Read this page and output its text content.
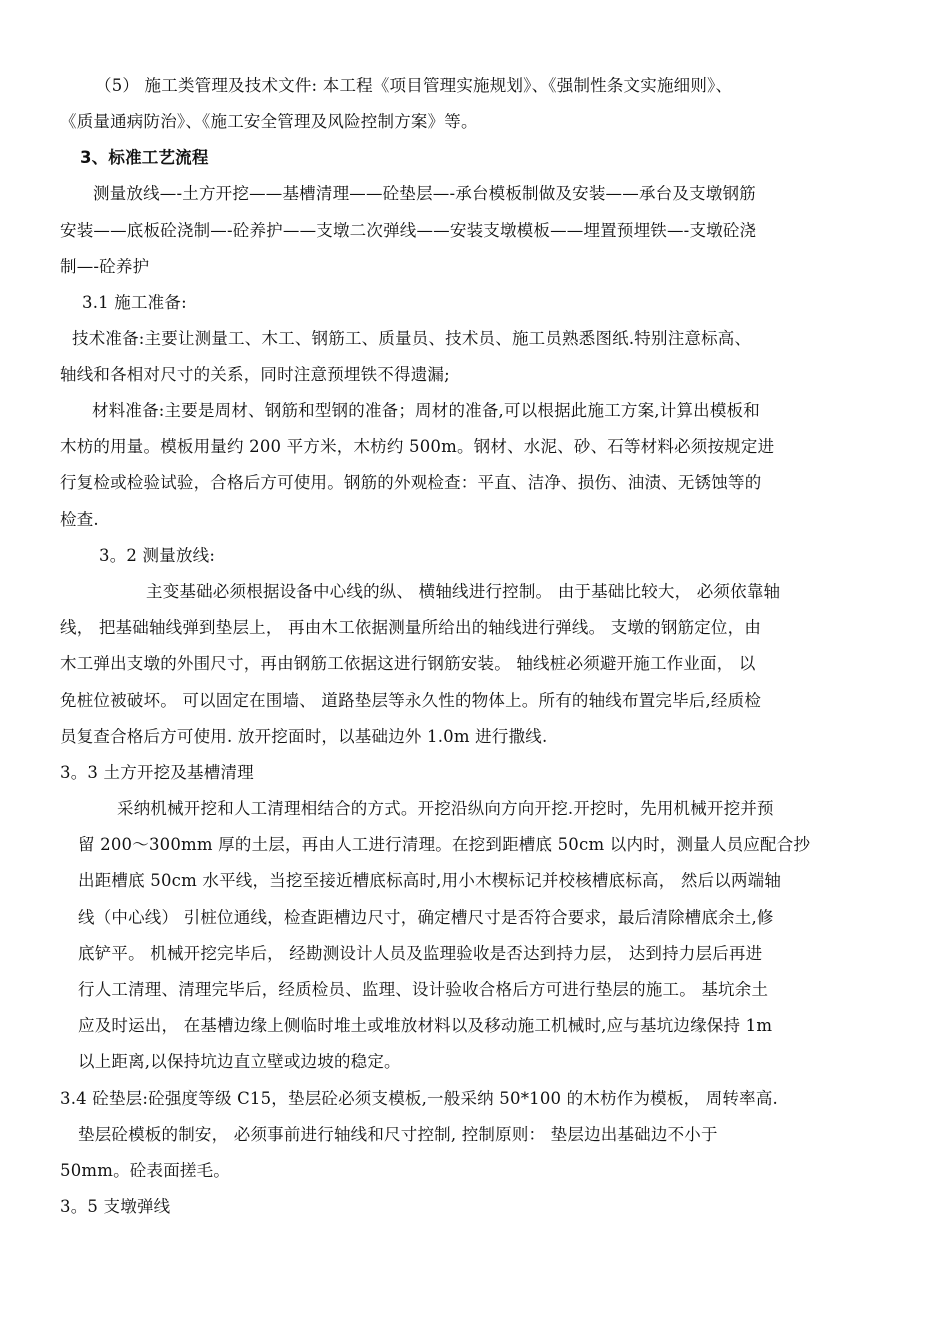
（5） 施工类管理及技术文件: 本工程《项目管理实施规划》、《强制性条文实施细则》、
《质量通病防治》、《施工安全管理及风险控制方案》等。
3、标准工艺流程
测量放线—-土方开挖——基槽清理——砼垫层—-承台模板制做及安装——承台及支墩钢筋
安装——底板砼浇制—-砼养护——支墩二次弹线——安装支墩模板——埋置预埋铁—-支墩砼浇
制—-砼养护
3.1 施工准备:
技术准备:主要让测量工、木工、钢筋工、质量员、技术员、施工员熟悉图纸.特别注意标高、
轴线和各相对尺寸的关系，同时注意预埋铁不得遗漏;
材料准备:主要是周材、钢筋和型钢的准备；周材的准备,可以根据此施工方案,计算出模板和
木枋的用量。模板用量约 200 平方米，木枋约 500m。钢材、水泥、砂、石等材料必须按规定进
行复检或检验试验，合格后方可使用。钢筋的外观检查：平直、洁净、损伤、油渍、无锈蚀等的
检查.
3。2 测量放线:
主变基础必须根据设备中心线的纵、 横轴线进行控制。 由于基础比较大， 必须依靠轴
线， 把基础轴线弹到垫层上， 再由木工依据测量所给出的轴线进行弹线。 支墩的钢筋定位，由
木工弹出支墩的外围尺寸，再由钢筋工依据这进行钢筋安装。 轴线桩必须避开施工作业面， 以
免桩位被破坏。 可以固定在围墙、 道路垫层等永久性的物体上。所有的轴线布置完毕后,经质检
员复查合格后方可使用. 放开挖面时，以基础边外 1.0m 进行撒线.
3。3 土方开挖及基槽清理
采纳机械开挖和人工清理相结合的方式。开挖沿纵向方向开挖.开挖时，先用机械开挖并预
留 200～300mm 厚的土层，再由人工进行清理。在挖到距槽底 50cm 以内时，测量人员应配合抄
出距槽底 50cm 水平线，当挖至接近槽底标高时,用小木楔标记并校核槽底标高， 然后以两端轴
线（中心线） 引桩位通线，检查距槽边尺寸，确定槽尺寸是否符合要求，最后清除槽底余土,修
底铲平。 机械开挖完毕后， 经勘测设计人员及监理验收是否达到持力层， 达到持力层后再进
行人工清理、清理完毕后，经质检员、监理、设计验收合格后方可进行垫层的施工。 基坑余土
应及时运出， 在基槽边缘上侧临时堆土或堆放材料以及移动施工机械时,应与基坑边缘保持 1m
以上距离,以保持坑边直立壁或边坡的稳定。
3.4 砼垫层:砼强度等级 C15，垫层砼必须支模板,一般采纳 50*100 的木枋作为模板， 周转率高.
垫层砼模板的制安， 必须事前进行轴线和尺寸控制, 控制原则： 垫层边出基础边不小于
50mm。砼表面搓毛。
3。5 支墩弹线
